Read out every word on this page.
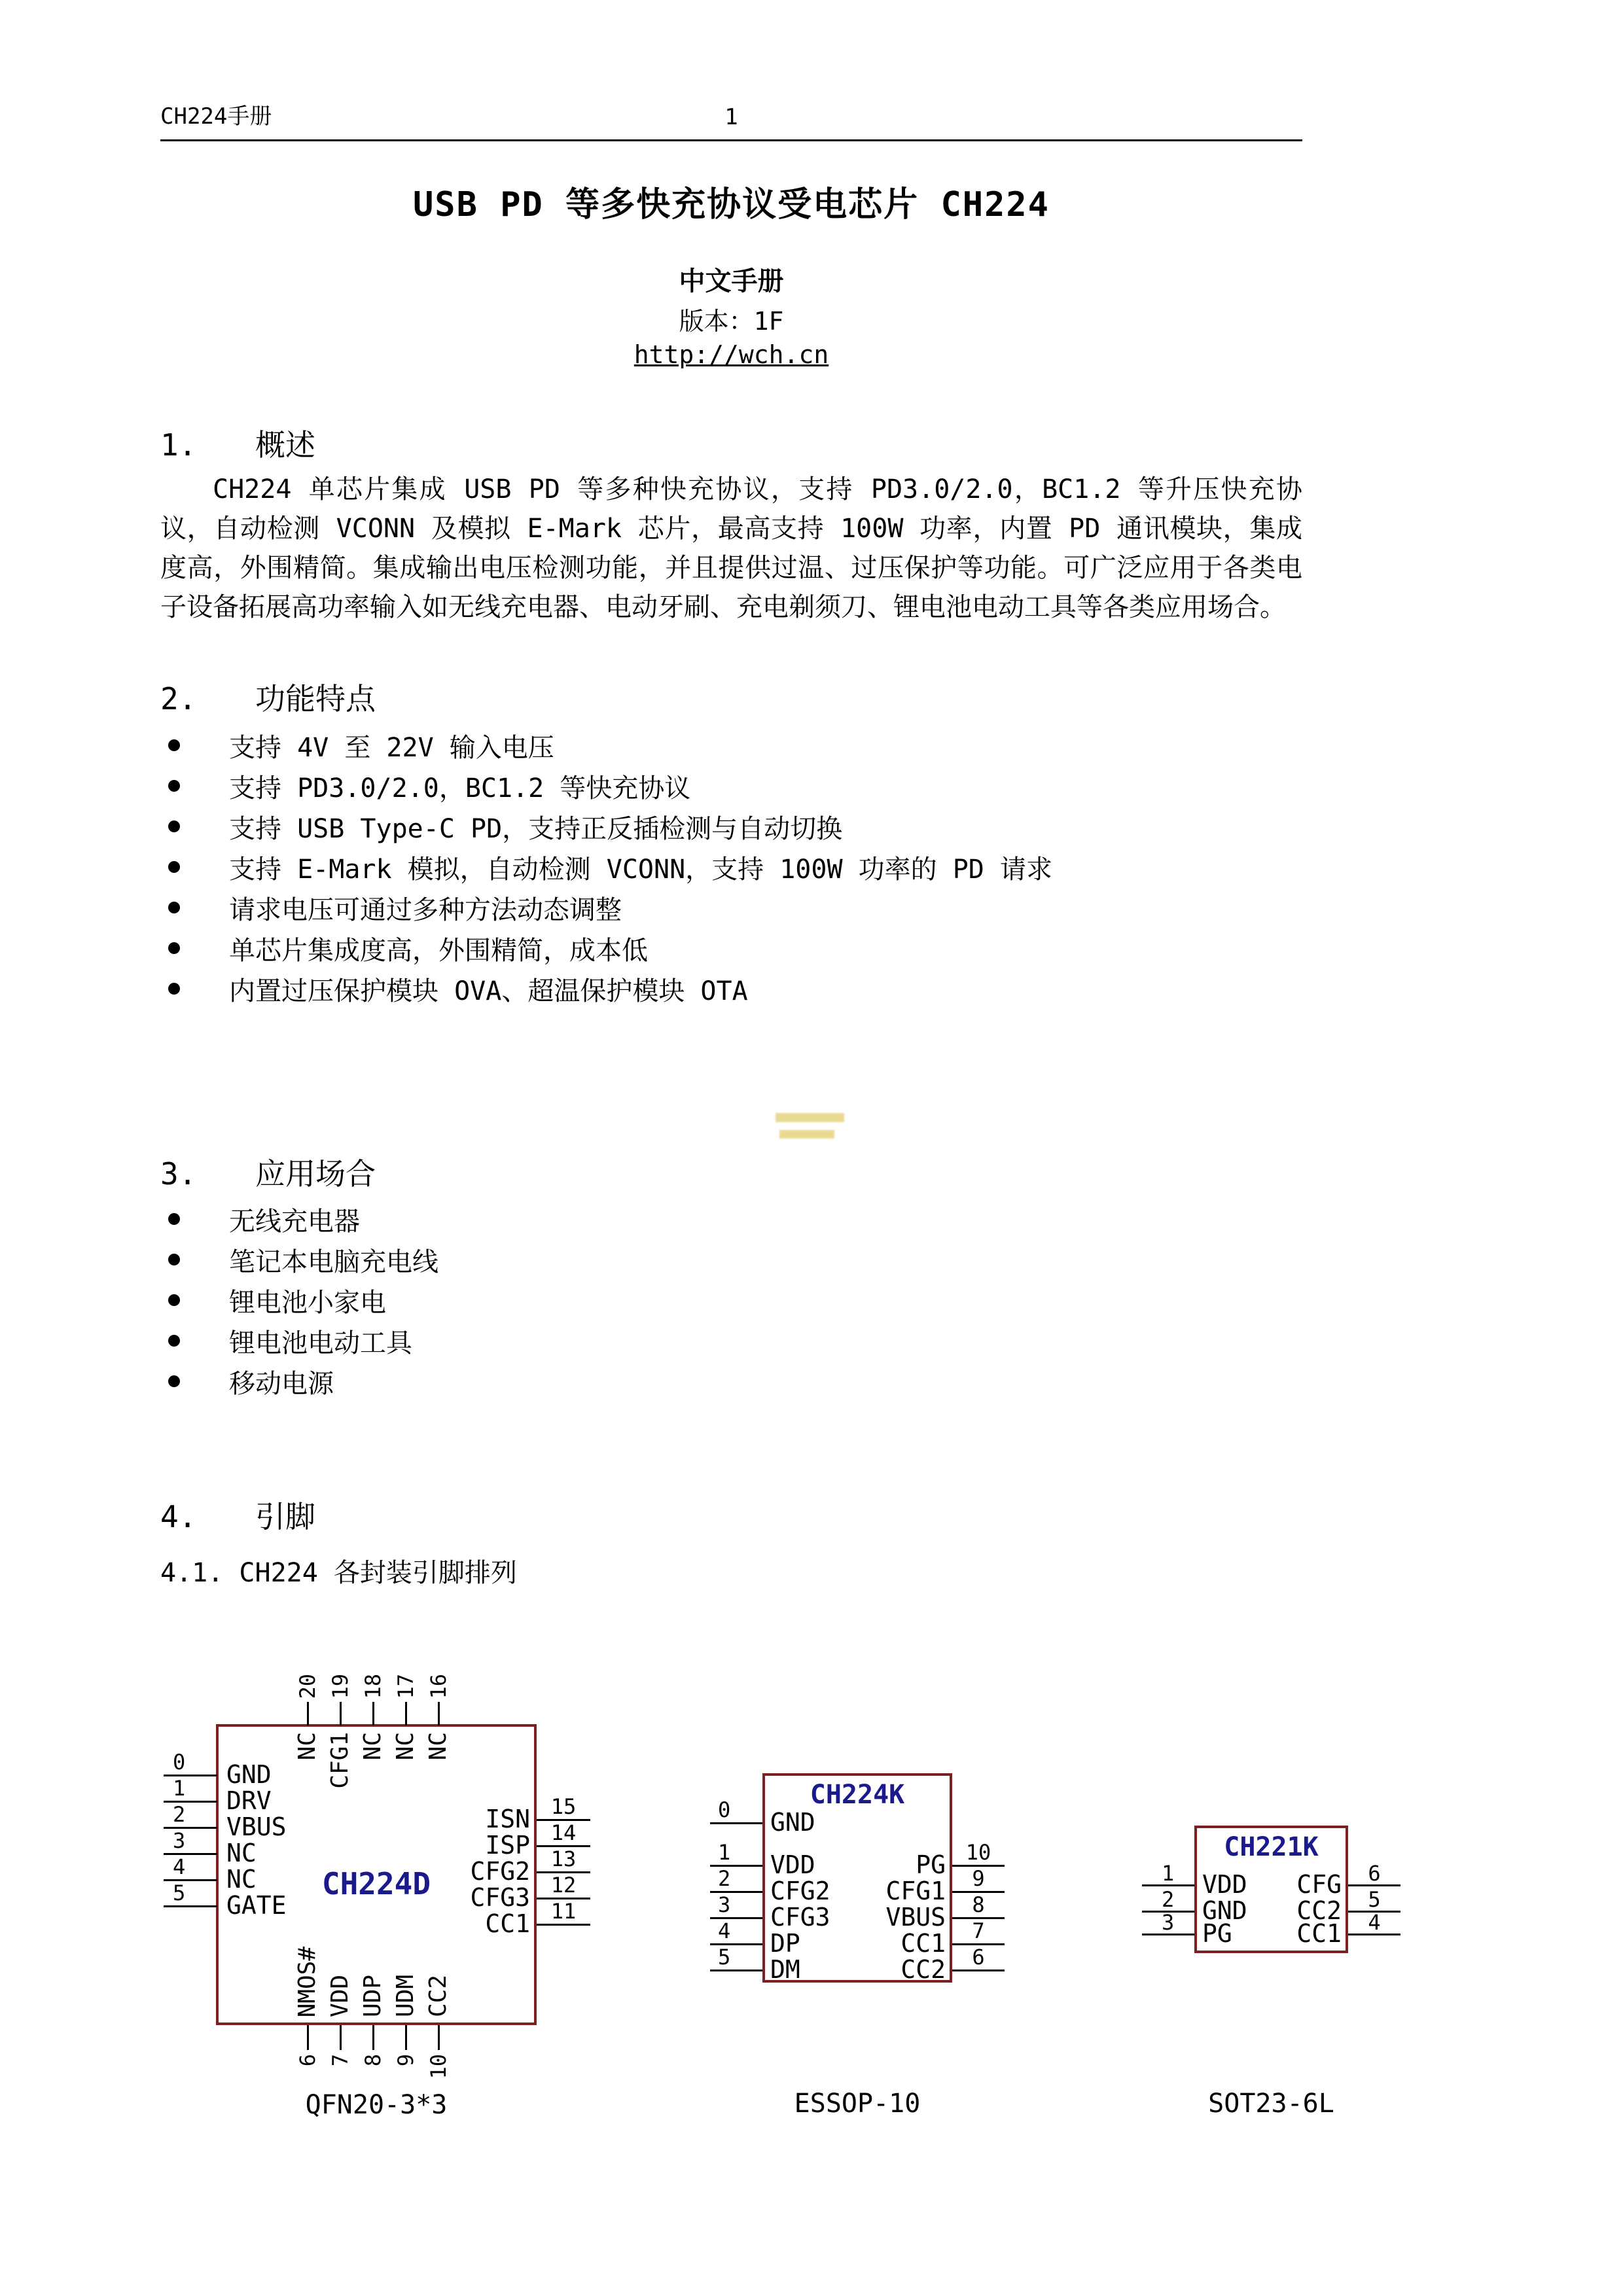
CH224手册	1
USB PD 等多快充协议受电芯片 CH224
中文手册
版本：1F
http://wch.cn
1. 概述
CH224 单芯片集成 USB PD 等多种快充协议，支持 PD3.0/2.0，BC1.2 等升压快充协议，自动检测 VCONN 及模拟 E-Mark 芯片，最高支持 100W 功率，内置 PD 通讯模块，集成度高，外围精简。集成输出电压检测功能，并且提供过温、过压保护等功能。可广泛应用于各类电子设备拓展高功率输入如无线充电器、电动牙刷、充电剃须刀、锂电池电动工具等各类应用场合。
2. 功能特点
支持 4V 至 22V 输入电压
支持 PD3.0/2.0，BC1.2 等快充协议
支持 USB Type-C PD，支持正反插检测与自动切换
支持 E-Mark 模拟，自动检测 VCONN，支持 100W 功率的 PD 请求
请求电压可通过多种方法动态调整
单芯片集成度高，外围精简，成本低
内置过压保护模块 OVA、超温保护模块 OTA
3. 应用场合
无线充电器
笔记本电脑充电线
锂电池小家电
锂电池电动工具
移动电源
4. 引脚
4.1. CH224 各封装引脚排列
CH224D
20 19 18 17 16
NC CFG1 NC NC NC
6 7 8 9 10
NMOS# VDD UDP UDM CC2
0
1
2
3
4
5
GND
DRV
VBUS
NC
NC
GATE
15
14
13
12
11
ISN
ISP
CFG2
CFG3
CC1
QFN20-3*3
CH224K
0
1
2
3
4
5
GND
VDD
CFG2
CFG3
DP
DM
10
9
8
7
6
PG
CFG1
VBUS
CC1
CC2
ESSOP-10
CH221K
1
2
3
VDD
GND
PG
6
5
4
CFG
CC2
CC1
SOT23-6L
